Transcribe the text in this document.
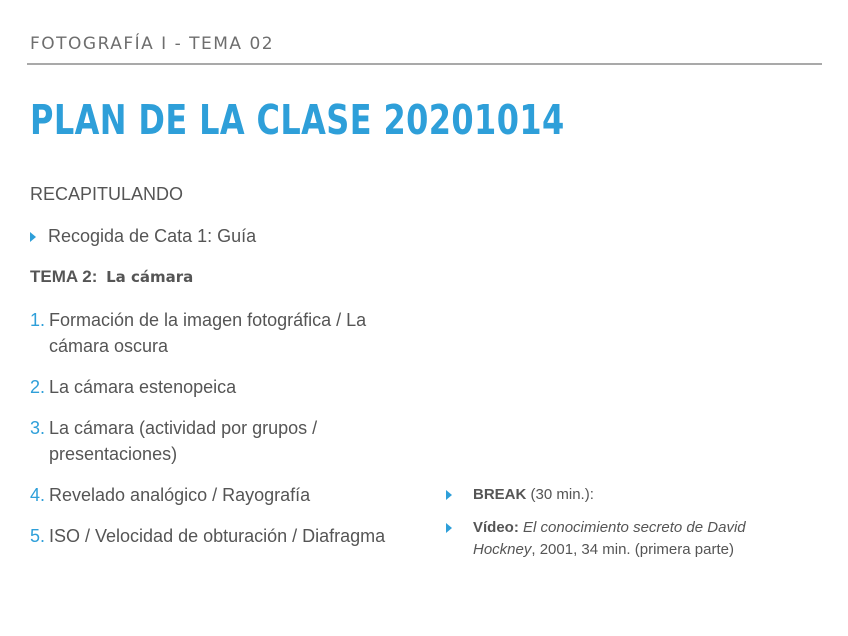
FOTOGRAFÍA I - TEMA 02
PLAN DE LA CLASE 20201014
RECAPITULANDO
Recogida de Cata 1: Guía
TEMA 2: La cámara
1. Formación de la imagen fotográfica / La cámara oscura
2. La cámara estenopeica
3. La cámara (actividad por grupos / presentaciones)
4. Revelado analógico / Rayografía
5. ISO / Velocidad de obturación / Diafragma
BREAK (30 min.):
Vídeo: El conocimiento secreto de David Hockney, 2001, 34 min. (primera parte)
